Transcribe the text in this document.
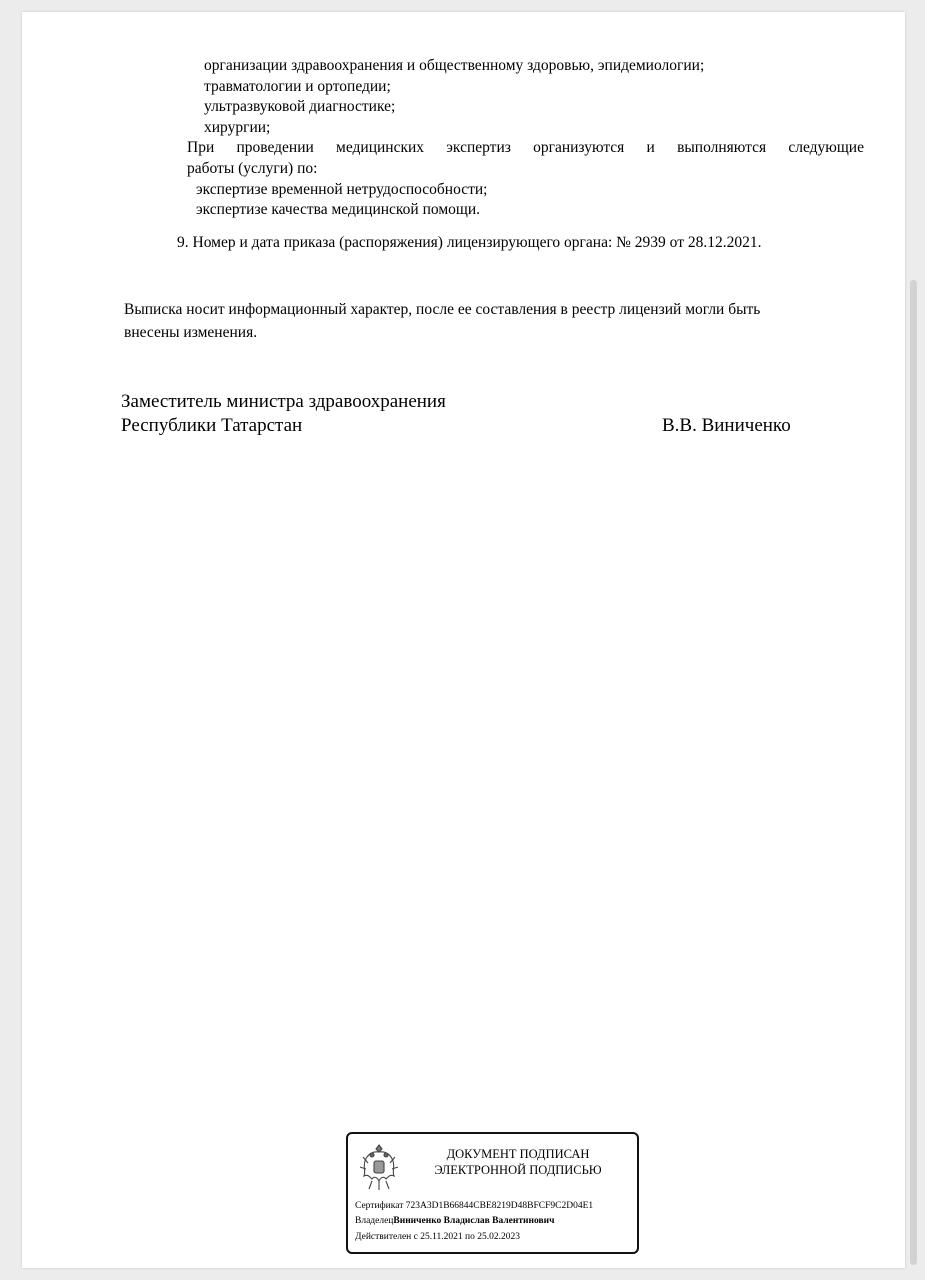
организации здравоохранения и общественному здоровью, эпидемиологии;
травматологии и ортопедии;
ультразвуковой диагностике;
хирургии;
При проведении медицинских экспертиз организуются и выполняются следующие
работы (услуги) по:
экспертизе временной нетрудоспособности;
экспертизе качества медицинской помощи.
9. Номер и дата приказа (распоряжения) лицензирующего органа: № 2939 от 28.12.2021.
Выписка носит информационный характер, после ее составления в реестр лицензий могли быть
внесены изменения.
Заместитель министра здравоохранения
Республики Татарстан	В.В. Виниченко
ДОКУМЕНТ ПОДПИСАН
ЭЛЕКТРОННОЙ ПОДПИСЬЮ
Сертификат 723A3D1B66844CBE8219D48BFCF9C2D04E1
ВладелецВиниченко Владислав Валентинович
Действителен с 25.11.2021 по 25.02.2023
